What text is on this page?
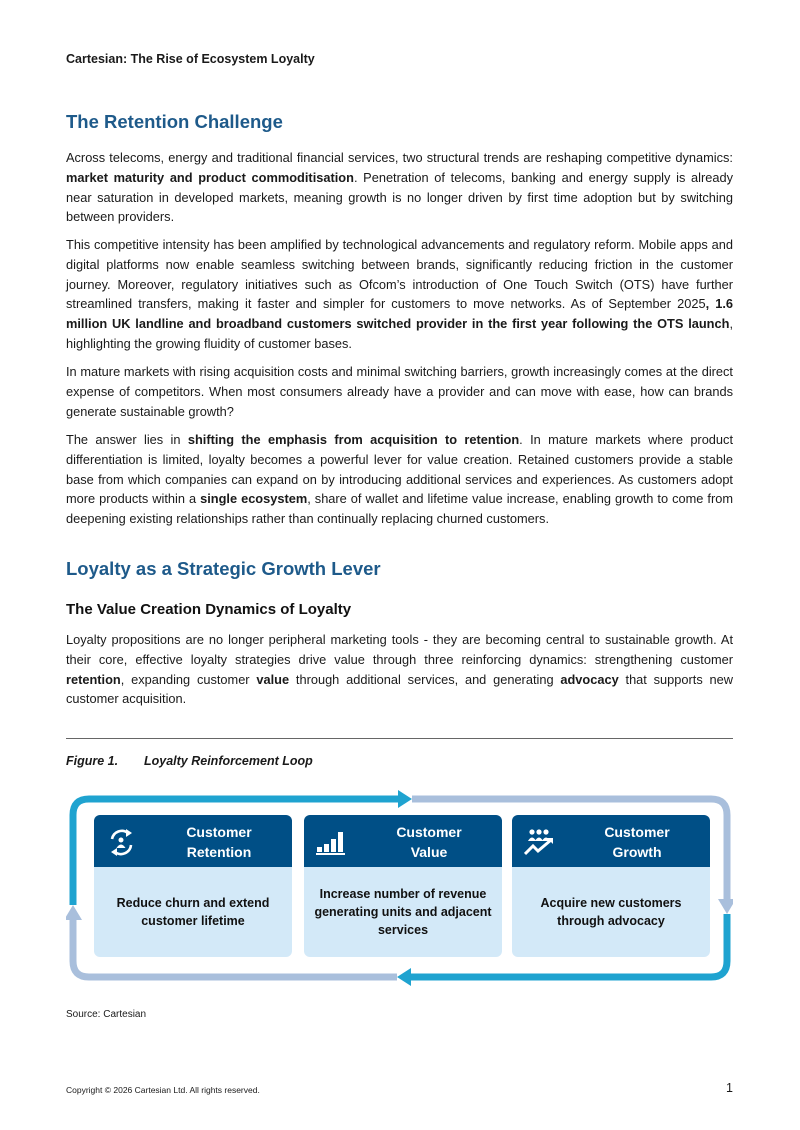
Cartesian: The Rise of Ecosystem Loyalty
The Retention Challenge

Across telecoms, energy and traditional financial services, two structural trends are reshaping competitive dynamics: market maturity and product commoditisation. Penetration of telecoms, banking and energy supply is already near saturation in developed markets, meaning growth is no longer driven by first time adoption but by switching between providers.

This competitive intensity has been amplified by technological advancements and regulatory reform. Mobile apps and digital platforms now enable seamless switching between brands, significantly reducing friction in the customer journey. Moreover, regulatory initiatives such as Ofcom’s introduction of One Touch Switch (OTS) have further streamlined transfers, making it faster and simpler for customers to move networks. As of September 2025, 1.6 million UK landline and broadband customers switched provider in the first year following the OTS launch, highlighting the growing fluidity of customer bases.

In mature markets with rising acquisition costs and minimal switching barriers, growth increasingly comes at the direct expense of competitors. When most consumers already have a provider and can move with ease, how can brands generate sustainable growth?

The answer lies in shifting the emphasis from acquisition to retention. In mature markets where product differentiation is limited, loyalty becomes a powerful lever for value creation. Retained customers provide a stable base from which companies can expand on by introducing additional services and experiences. As customers adopt more products within a single ecosystem, share of wallet and lifetime value increase, enabling growth to come from deepening existing relationships rather than continually replacing churned customers.

Loyalty as a Strategic Growth Lever
The Value Creation Dynamics of Loyalty

Loyalty propositions are no longer peripheral marketing tools - they are becoming central to sustainable growth. At their core, effective loyalty strategies drive value through three reinforcing dynamics: strengthening customer retention, expanding customer value through additional services, and generating advocacy that supports new customer acquisition.

Figure 1. Loyalty Reinforcement Loop
Customer
Retention
Reduce churn and extend customer lifetime
Customer
Value
Increase number of revenue generating units and adjacent services
Customer
Growth
Acquire new customers through advocacy
Source: Cartesian
Copyright © 2026 Cartesian Ltd. All rights reserved.	1
